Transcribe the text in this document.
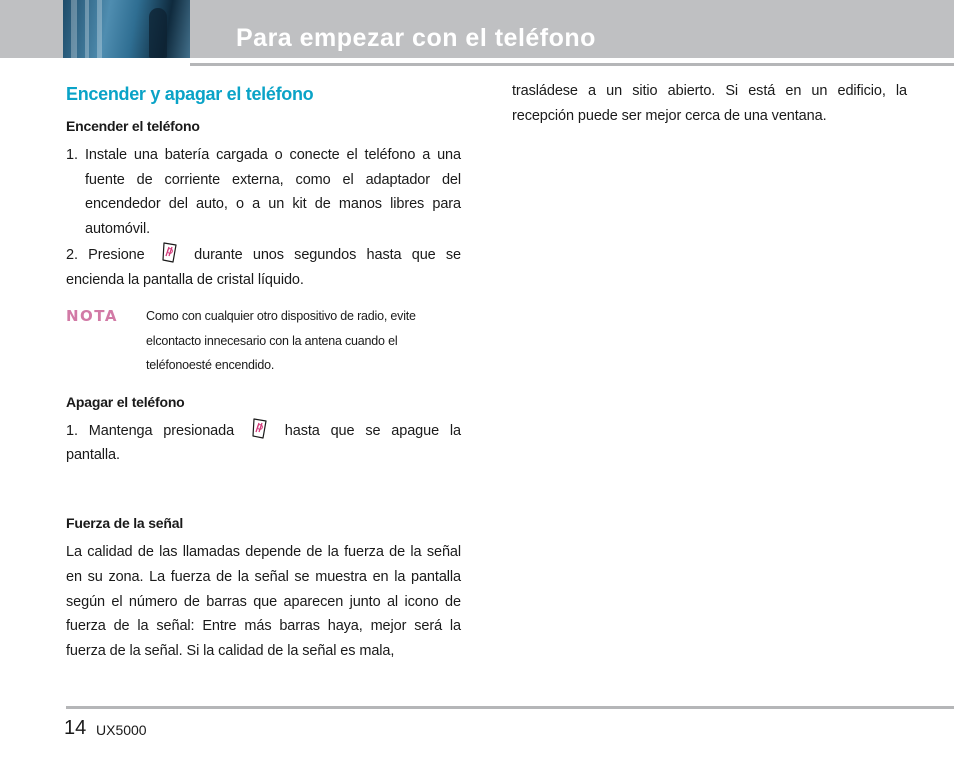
Para empezar con el teléfono
Encender y apagar el teléfono
Encender el teléfono

1. Instale una batería cargada o conecte el teléfono a una fuente de corriente externa, como el adaptador del encendedor del auto, o a un kit de manos libres para automóvil.

2. Presione	durante unos segundos hasta que se encienda la pantalla de cristal líquido.

NOTA Como con cualquier otro dispositivo de radio, evite elcontacto innecesario con la antena cuando el teléfonoesté encendido.

Apagar el teléfono

1. Mantenga presionada	hasta que se apague la pantalla.

Fuerza de la señal

La calidad de las llamadas depende de la fuerza de la señal en su zona. La fuerza de la señal se muestra en la pantalla según el número de barras que aparecen junto al icono de fuerza de la señal: Entre más barras haya, mejor será la fuerza de la señal. Si la calidad de la señal es mala,

trasládese a un sitio abierto. Si está en un edificio, la recepción puede ser mejor cerca de una ventana.

14 UX5000
